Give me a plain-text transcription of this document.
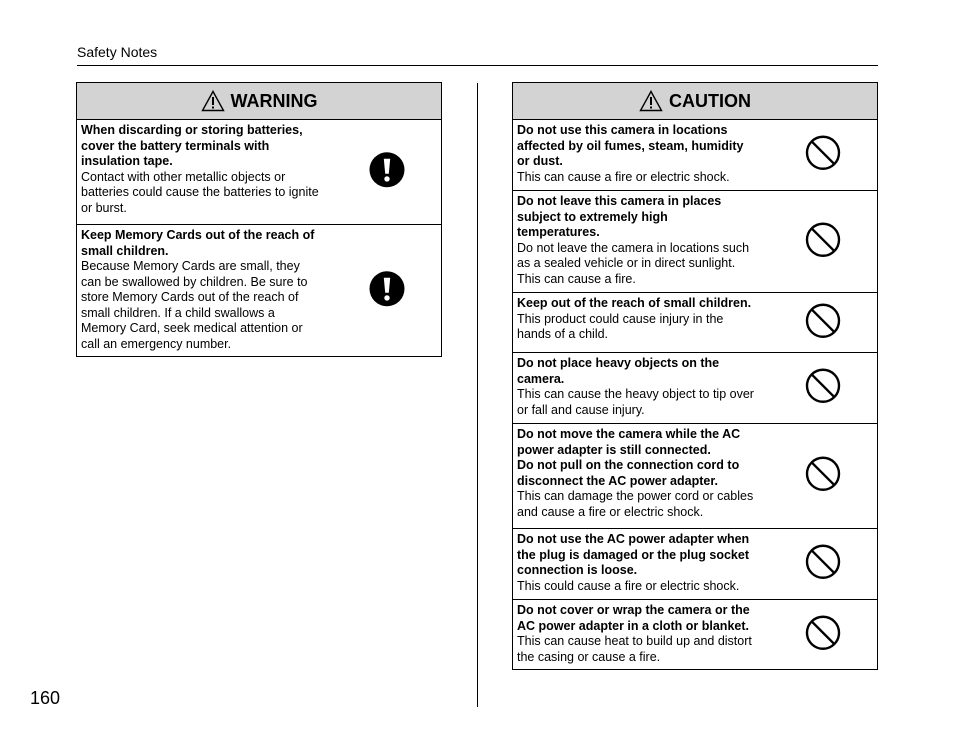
Safety Notes
160
WARNING
When discarding or storing batteries,
cover the battery terminals with
insulation tape.
Contact with other metallic objects or
batteries could cause the batteries to ignite
or burst.
Keep Memory Cards out of the reach of
small children.
Because Memory Cards are small, they
can be swallowed by children. Be sure to
store Memory Cards out of the reach of
small children. If a child swallows a
Memory Card, seek medical attention or
call an emergency number.
CAUTION
Do not use this camera in locations
affected by oil fumes, steam, humidity
or dust.
This can cause a fire or electric shock.
Do not leave this camera in places
subject to extremely high
temperatures.
Do not leave the camera in locations such
as a sealed vehicle or in direct sunlight.
This can cause a fire.
Keep out of the reach of small children.
This product could cause injury in the
hands of a child.
Do not place heavy objects on the
camera.
This can cause the heavy object to tip over
or fall and cause injury.
Do not move the camera while the AC
power adapter is still connected.
Do not pull on the connection cord to
disconnect the AC power adapter.
This can damage the power cord or cables
and cause a fire or electric shock.
Do not use the AC power adapter when
the plug is damaged or the plug socket
connection is loose.
This could cause a fire or electric shock.
Do not cover or wrap the camera or the
AC power adapter in a cloth or blanket.
This can cause heat to build up and distort
the casing or cause a fire.
